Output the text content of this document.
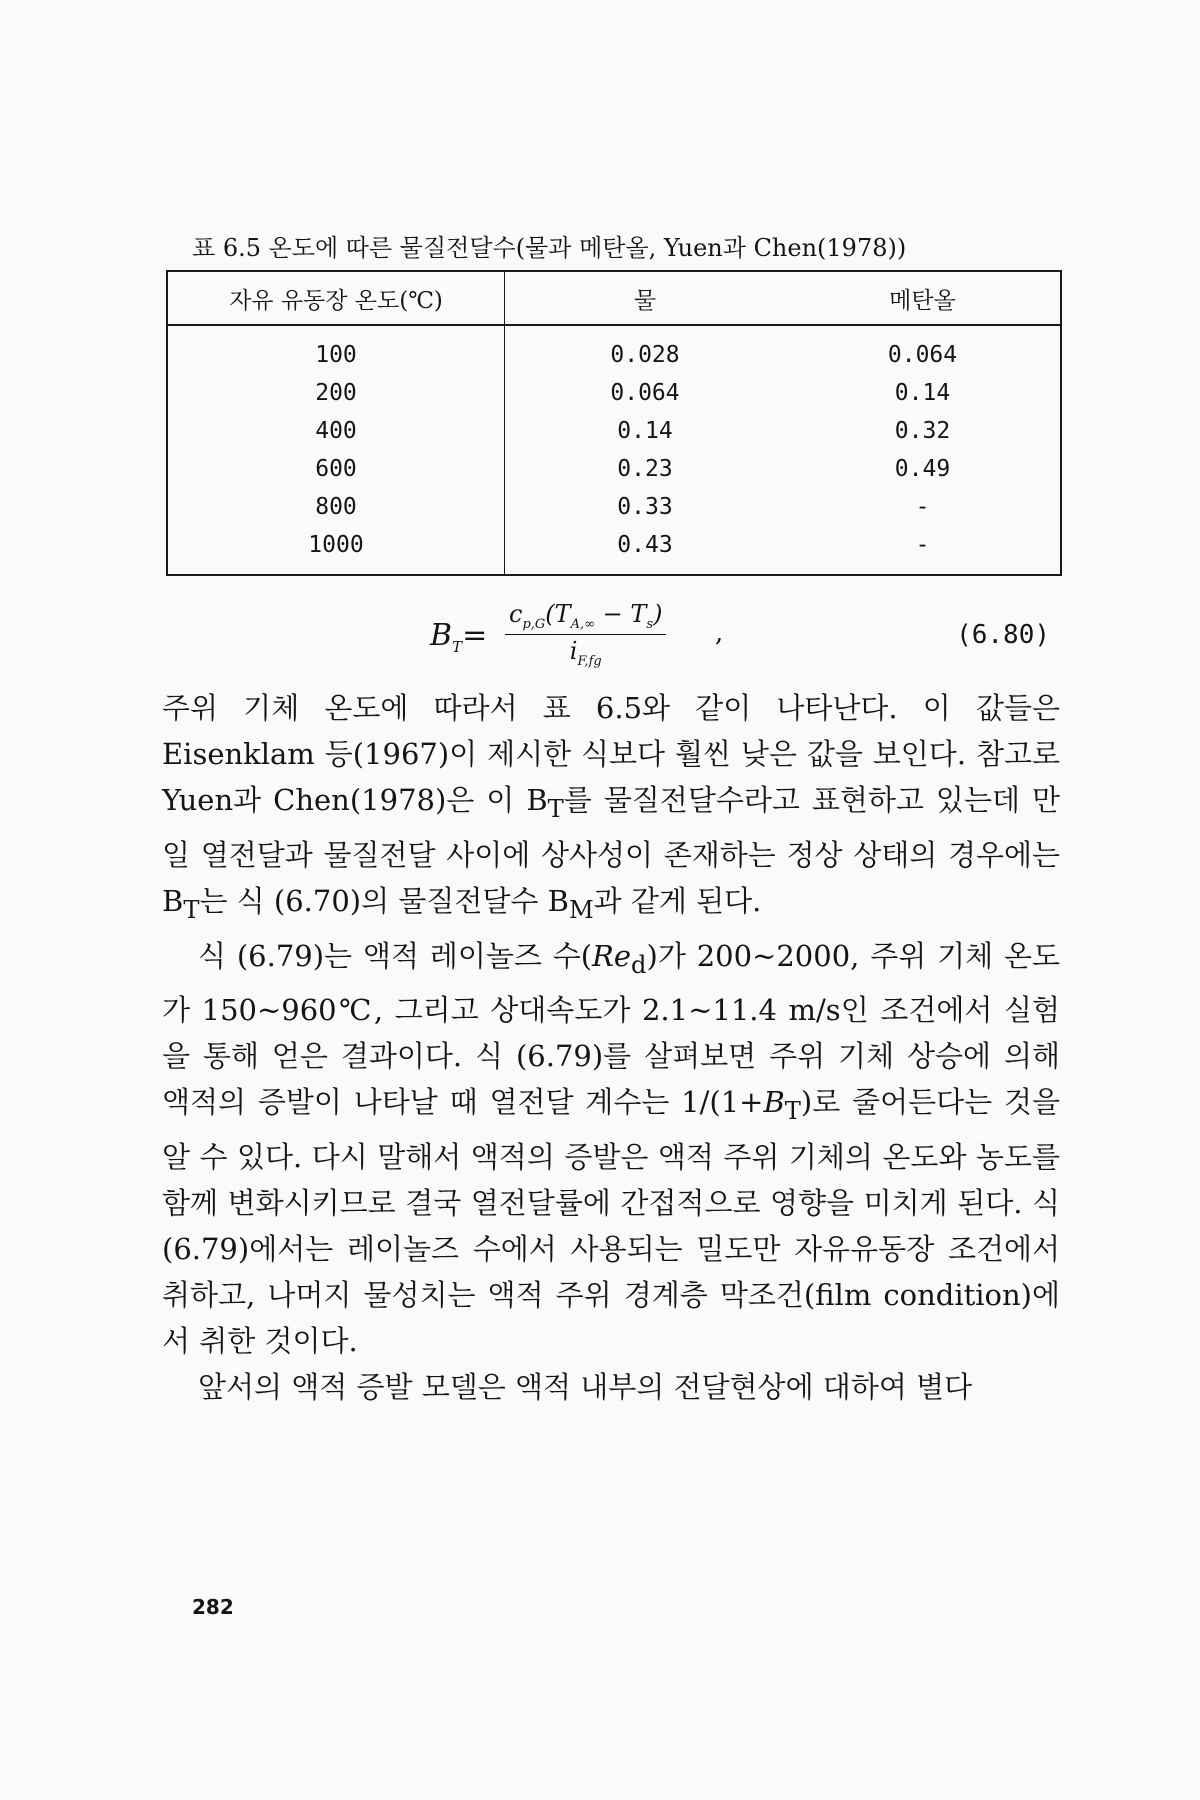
표 6.5 온도에 따른 물질전달수(물과 메탄올, Yuen과 Chen(1978))
자유 유동장 온도(℃)	물	메탄올
100	0.028	0.064
200	0.064	0.14
400	0.14	0.32
600	0.23	0.49
800	0.33	-
1000	0.43	-
$B_T= \frac{c_{p,G}(T_{A,\infty} - T_s)}{i_{F,fg}}$ ,	(6.80)

주위 기체 온도에 따라서 표 6.5와 같이 나타난다. 이 값들은 Eisenklam 등(1967)이 제시한 식보다 훨씬 낮은 값을 보인다. 참고로 Yuen과 Chen(1978)은 이 $B_T$를 물질전달수라고 표현하고 있는데 만일 열전달과 물질전달 사이에 상사성이 존재하는 정상 상태의 경우에는 $B_T$는 식 (6.70)의 물질전달수 $B_M$과 같게 된다.

식 (6.79)는 액적 레이놀즈 수$(Re_d)$가 200~2000, 주위 기체 온도가 150~960℃, 그리고 상대속도가 2.1~11.4 m/s인 조건에서 실험을 통해 얻은 결과이다. 식 (6.79)를 살펴보면 주위 기체 상승에 의해 액적의 증발이 나타날 때 열전달 계수는 $1/(1+B_T)$로 줄어든다는 것을 알 수 있다. 다시 말해서 액적의 증발은 액적 주위 기체의 온도와 농도를 함께 변화시키므로 결국 열전달률에 간접적으로 영향을 미치게 된다. 식 (6.79)에서는 레이놀즈 수에서 사용되는 밀도만 자유유동장 조건에서 취하고, 나머지 물성치는 액적 주위 경계층 막조건(film condition)에서 취한 것이다.

앞서의 액적 증발 모델은 액적 내부의 전달현상에 대하여 별다

282
